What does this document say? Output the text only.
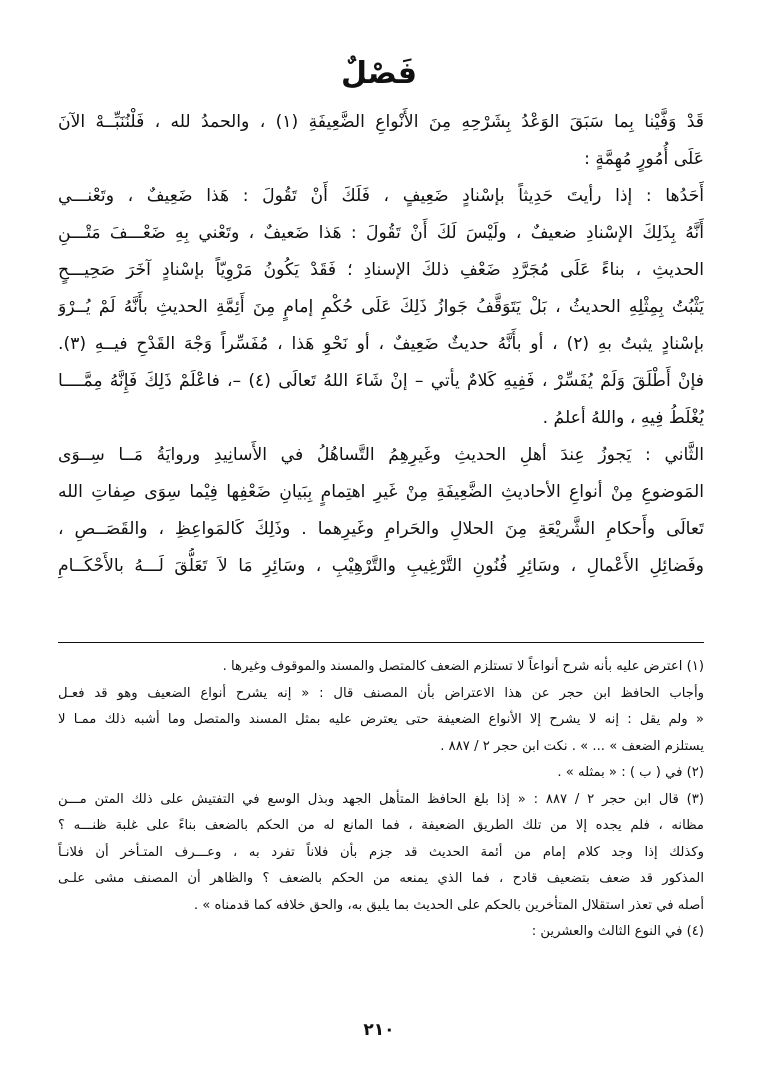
فَصْلٌ
قَدْ وَفَّيْنا بِما سَبَقَ الوَعْدُ بِشَرْحِهِ مِنَ الأَنْواعِ الضَّعِيفَةِ (١) ، والحمدُ لله ، فَلْنُنَبِّــهْ الآنَ
عَلَى أُمُورٍ مُهِمَّةٍ :
أَحَدُها : إذا رأيتَ حَدِيثاً بإسْنادٍ ضَعِيفٍ ، فَلَكَ أَنْ تَقُولَ : هَذا ضَعِيفٌ ، وتَعْنـــي
أَنَّهُ بِذَلِكَ الإسْنادِ ضعيفٌ ، ولَيْسَ لَكَ أَنْ تَقُولَ : هَذا ضَعيفٌ ، وتَعْني بِهِ ضَعْـــفَ مَتْـــنِ
الحديثِ ، بناءً عَلَى مُجَرَّدِ ضَعْفِ ذلكَ الإسنادِ ؛ فَقَدْ يَكُونُ مَرْوِيّاً بإسْنادٍ آخَرَ صَحِيـــحٍ
يَثْبُتُ بِمِثْلِهِ الحديثُ ، بَلْ يَتَوَقَّفُ جَوازُ ذَلِكَ عَلَى حُكْمِ إمامٍ مِنَ أَئِمَّةِ الحديثِ بأَنَّهُ لَمْ يُــرْوَ
بإسْنادٍ يثبتُ بهِ (٢) ، أو بأَنَّهُ حديثٌ ضَعِيفٌ ، أو نَحْوِ هَذا ، مُفَسِّراً وَجْهَ القَدْحِ فيــهِ (٣).
فإنْ أَطْلَقَ وَلَمْ يُفَسِّرْ ، فَفِيهِ كَلامٌ يأتي – إنْ شَاءَ اللهُ تَعالَى (٤) –، فاعْلَمْ ذَلِكَ فَإِنَّهُ مِمَّــــا
يُغْلَطُ فِيهِ ، واللهُ أعلمُ .
الثَّاني : يَجوزُ عِندَ أهلِ الحديثِ وغَيرِهِمُ التَّساهُلُ في الأَسانِيدِ وروايَةُ مَــا سِــوَى
المَوضوعِ مِنْ أنواعِ الأحاديثِ الضَّعِيفَةِ مِنْ غَيرِ اهتِمامٍ بِبَيانِ ضَعْفِها فِيْما سِوَى صِفاتِ الله
تَعالَى وأَحكامِ الشَّريْعَةِ مِنَ الحلالِ والحَرامِ وغَيرِهما . وذَلِكَ كَالمَواعِظِ ، والقَصَــصِ ،
وفَضائِلِ الأَعْمالِ ، وسَائِرِ فُنُونِ التَّرْغِيبِ والتَّرْهِيْبِ ، وسَائِرِ مَا لاَ تَعَلُّقَ لَـــهُ بالأَحْكَــامِ
(١) اعترض عليه بأنه شرح أنواعاً لا تستلزم الضعف كالمتصل والمسند والموقوف وغيرها .
وأجاب الحافظ ابن حجر عن هذا الاعتراض بأن المصنف قال : « إنه يشرح أنواع الضعيف وهو قد فعـل
« ولم يقل : إنه لا يشرح إلا الأنواع الضعيفة حتى يعترض عليه بمثل المسند والمتصل وما أشبه ذلك ممـا لا
يستلزم الضعف » ... » . نكت ابن حجر ٢ / ٨٨٧ .
(٢) في ( ب ) : « بمثله » .
(٣) قال ابن حجر ٢ / ٨٨٧ : « إذا بلغ الحافظ المتأهل الجهد وبذل الوسع في التفتيش على ذلك المتن مـــن
مظانه ، فلم يجده إلا من تلك الطريق الضعيفة ، فما المانع له من الحكم بالضعف بناءً على غلبة ظنـــه ؟
وكذلك إذا وجد كلام إمام من أئمة الحديث قد جزم بأن فلاناً تفرد به ، وعـــرف المتـأخر أن فلانـاً
المذكور قد ضعف بتضعيف قادح ، فما الذي يمنعه من الحكم بالضعف ؟ والظاهر أن المصنف مشى علـى
أصله في تعذر استقلال المتأخرين بالحكم على الحديث بما يليق به، والحق خلافه كما قدمناه » .
(٤) في النوع الثالث والعشرين :
٢١٠
